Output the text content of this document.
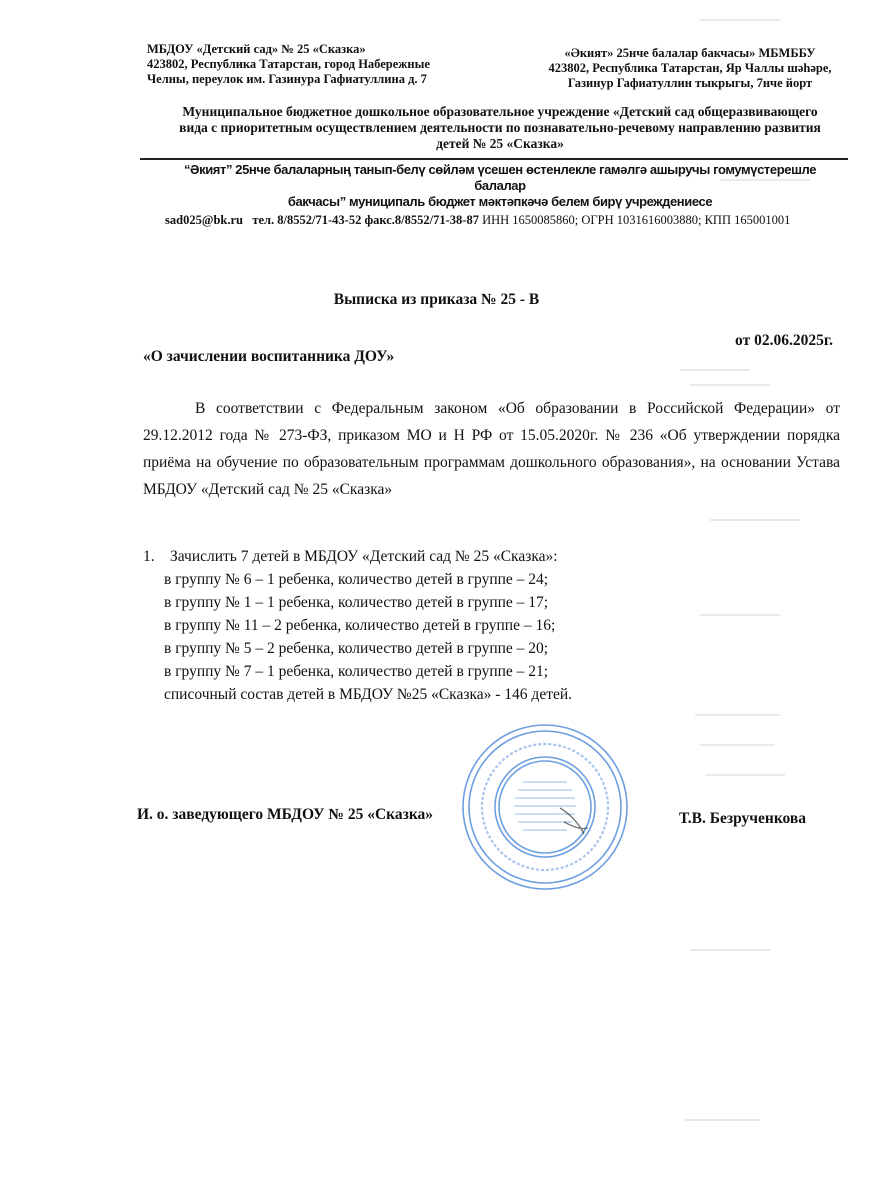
МБДОУ «Детский сад» № 25 «Сказка»
423802, Республика Татарстан, город Набережные
Челны, переулок им. Газинура Гафиатуллина д. 7
«Әкият» 25нче балалар бакчасы» МБМББУ
423802, Республика Татарстан, Яр Чаллы шәһәре,
Газинур Гафиатуллин тыкрыгы, 7нче йорт
Муниципальное бюджетное дошкольное образовательное учреждение «Детский сад общеразвивающего
вида с приоритетным осуществлением деятельности по познавательно-речевому направлению развития
детей № 25 «Сказка»
“Әкият” 25нче балаларның танып-белү сөйләм үсешен өстенлекле гамәлгә ашыручы гомумүстерешле балалар
бакчасы” муниципаль бюджет мәктәпкәчә белем бирү учреждениесе
sad025@bk.ru тел. 8/8552/71-43-52 факс.8/8552/71-38-87 ИНН 1650085860; ОГРН 1031616003880; КПП 165001001
Выписка из приказа № 25 - В
от 02.06.2025г.
«О зачислении воспитанника ДОУ»

В соответствии с Федеральным законом «Об образовании в Российской Федерации» от 29.12.2012 года № 273-ФЗ, приказом МО и Н РФ от 15.05.2020г. № 236 «Об утверждении порядка приёма на обучение по образовательным программам дошкольного образования», на основании Устава МБДОУ «Детский сад № 25 «Сказка»

1. Зачислить 7 детей в МБДОУ «Детский сад № 25 «Сказка»:
в группу № 6 – 1 ребенка, количество детей в группе – 24;
в группу № 1 – 1 ребенка, количество детей в группе – 17;
в группу № 11 – 2 ребенка, количество детей в группе – 16;
в группу № 5 – 2 ребенка, количество детей в группе – 20;
в группу № 7 – 1 ребенка, количество детей в группе – 21;
списочный состав детей в МБДОУ №25 «Сказка» - 146 детей.
И. о. заведующего МБДОУ № 25 «Сказка»	Т.В. Безрученкова
